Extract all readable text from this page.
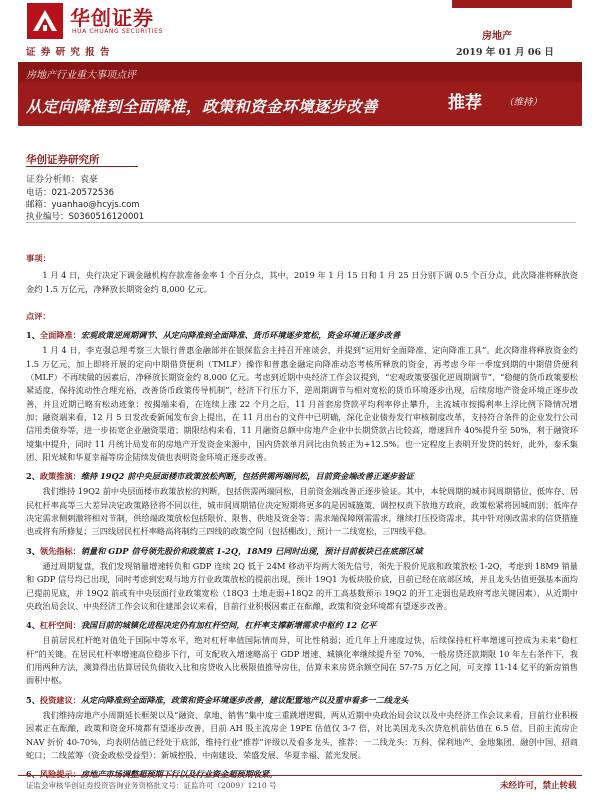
华创证券
HUA CHUANG SECURITIES
证 券 研 究 报 告
房地产
2019 年 01 月 06 日
房地产行业重大事项点评
从定向降准到全面降准，政策和资金环境逐步改善	推荐 （维持）
华创证券研究所
证券分析师：袁豪
电话：021-20572536
邮箱：yuanhao@hcyjs.com
执业编号：S0360516120001

事项：

1 月 4 日，央行决定下调金融机构存款准备金率 1 个百分点，其中，2019 年 1 月 15 日和 1 月 25 日分别下调 0.5 个百分点，此次降准将释放资金约 1.5 万亿元，净释放长期资金约 8,000 亿元。

点评：

1、全面降准：宏观政策逆周期调节、从定向降准到全面降准、货币环境逐步宽松，资金环境正逐步改善

1 月 4 日，李克强总理考察三大银行普惠金融部并在银保监会主持召开座谈会，并提到“运用好全面降准、定向降准工具”。此次降准将释放资金约 1.5 万亿元，加上即将开展的定向中期借贷便利（TMLF）操作和普惠金融定向降准动态考核所释放的资金，再考虑今年一季度到期的中期借贷便利（MLF）不再续做的因素后，净释放长期资金约 8,000 亿元。考虑到近期中央经济工作会议提到，“宏观政策要强化逆周期调节”、“稳健的货币政策要松紧适度，保持流动性合理充裕，改善货币政策传导机制”，经济下行压力下，逆周期调节与相对宽松的货币环境逐步出现，后续房地产资金环境正逐步改善，并且近期已略有松动迹象：按揭端来看，在连续上涨 22 个月之后，11 月首套房贷款平均利率停止攀升，主流城市按揭利率上浮比例下降情况增加；融资端来看，12 月 5 日发改委新闻发布会上提出，在 11 月出台的文件中已明确，深化企业债券发行审核制度改革，支持符合条件的企业发行公司信用类债券等，进一步拓宽企业融资渠道；期限结构来看，11 月融资总额中房地产企业中长期贷款占比较高，增速回升 40%提升至 50%，利于融资环境集中提升，同时 11 月统计局发布的房地产开发资金来源中，国内贷款单月同比由负转正为+12.5%。也一定程度上表明开发贷的转好，此外，泰禾集团、阳光城和华夏幸福等房企陆续发债也表明资金环境正逐步改善。

2、政策推演：维持 19Q2 前中央层面楼市政策放松判断，包括供需两端同松，目前资金端改善正逐步验证

我们维持 19Q2 前中央层面楼市政策放松的判断，包括供需两端同松，目前资金端改善正逐步验证。其中，本轮周期的城市间周期错位、低库存、居民杠杆率高等三大差异决定政策路径将不同以往，城市间周期错位决定短期将更多的是因城施策、调控权责下放地方政府，政策松紧将因城而别；低库存决定需求侧刺激将相对节制，供给端政策放松包括限价、限售、供地及资金等；需求端保障刚需需求，继续打压投资需求，其中针对刚改需求的信贷措施也或将有所修复；三四线居民杠杆率略高将制约三四线的政策空间（包括棚改），预计一二线宽松，三四线平稳。

3、领先指标：销量和 GDP 信号领先股价和政策底 1-2Q，18M9 已同时出现，预计目前板块已在底部区域

通过周期复盘，我们发现销量增速转负和 GDP 连续 2Q 低于 24M 移动平均两大领先信号，领先于股价见底和政策放松 1-2Q，考虑到 18M9 销量和 GDP 信号均已出现，同时考虑到宏观与地方行业政策放松的提前出现，预计 19Q1 为板块股价底，目前已经在底部区域，并且龙头估值更强基本面均已提前见底，并 19Q2 前或有中央层面行业政策宽松（18Q3 土地走弱+18Q2 的开工高基数预示 19Q2 的开工走弱也是政府考虑关键因素），从近期中央政治局会议、中央经济工作会议和住建部会议来看，目前行业积极因素正在酝酿，政策和资金环境都有望逐步改善。

4、杠杆空间：我国目前的城镇化进程决定仍有加杠杆空间，杠杆率支撑新增需求中枢约 12 亿平

目前居民杠杆绝对值处于国际中等水平，绝对杠杆率值国际情而异，可比性稍弱；近几年上升速度过快，后续保持杠杆率增速可控成为未来“稳杠杆”的关键。在居民杠杆率增速高位稳步下行，可支配收入增速略高于 GDP 增速、城镇化率继续提升至 70%、一般房贷还款期限 10 年左右条件下，我们用两种方法，测算得出估算居民负债收入比和房贷收入比极限值推导房住，估算未来房贷余额空间在 57-75 万亿之间，可支撑 11-14 亿平的新房销售面积中枢。

5、投资建议：从定向降准到全面降准，政策和资金环境逐步改善，建议配置地产以及重申看多一二线龙头

我们维持房地产小周期延长框架以及“融资、拿地、销售”集中度三重跳增逻辑，两从近期中央政治局会议以及中央经济工作会议来看，目前行业积极因素正在酝酿，政策和资金环境都有望逐步改善，目前 AH 股主流房企 19PE 估值仅 3-7 倍，对比美国龙头次贷危机前估值在 6.5 倍，目前主流房企 NAV 折价 40-70%，均表明估值已经处于底部，维持行业“推荐”评级以及看多龙头，推荐：一二线龙头：万科、保利地产、金地集团、融创中国、招商蛇口；二线蓝筹（资金政松受益型）：新城控股、中南建设、荣盛发展、华夏幸福、蓝光发展。

证监会审核华创证券投资咨询业务资格批文号：证监许可（2009）1210 号	未经许可，禁止转载
